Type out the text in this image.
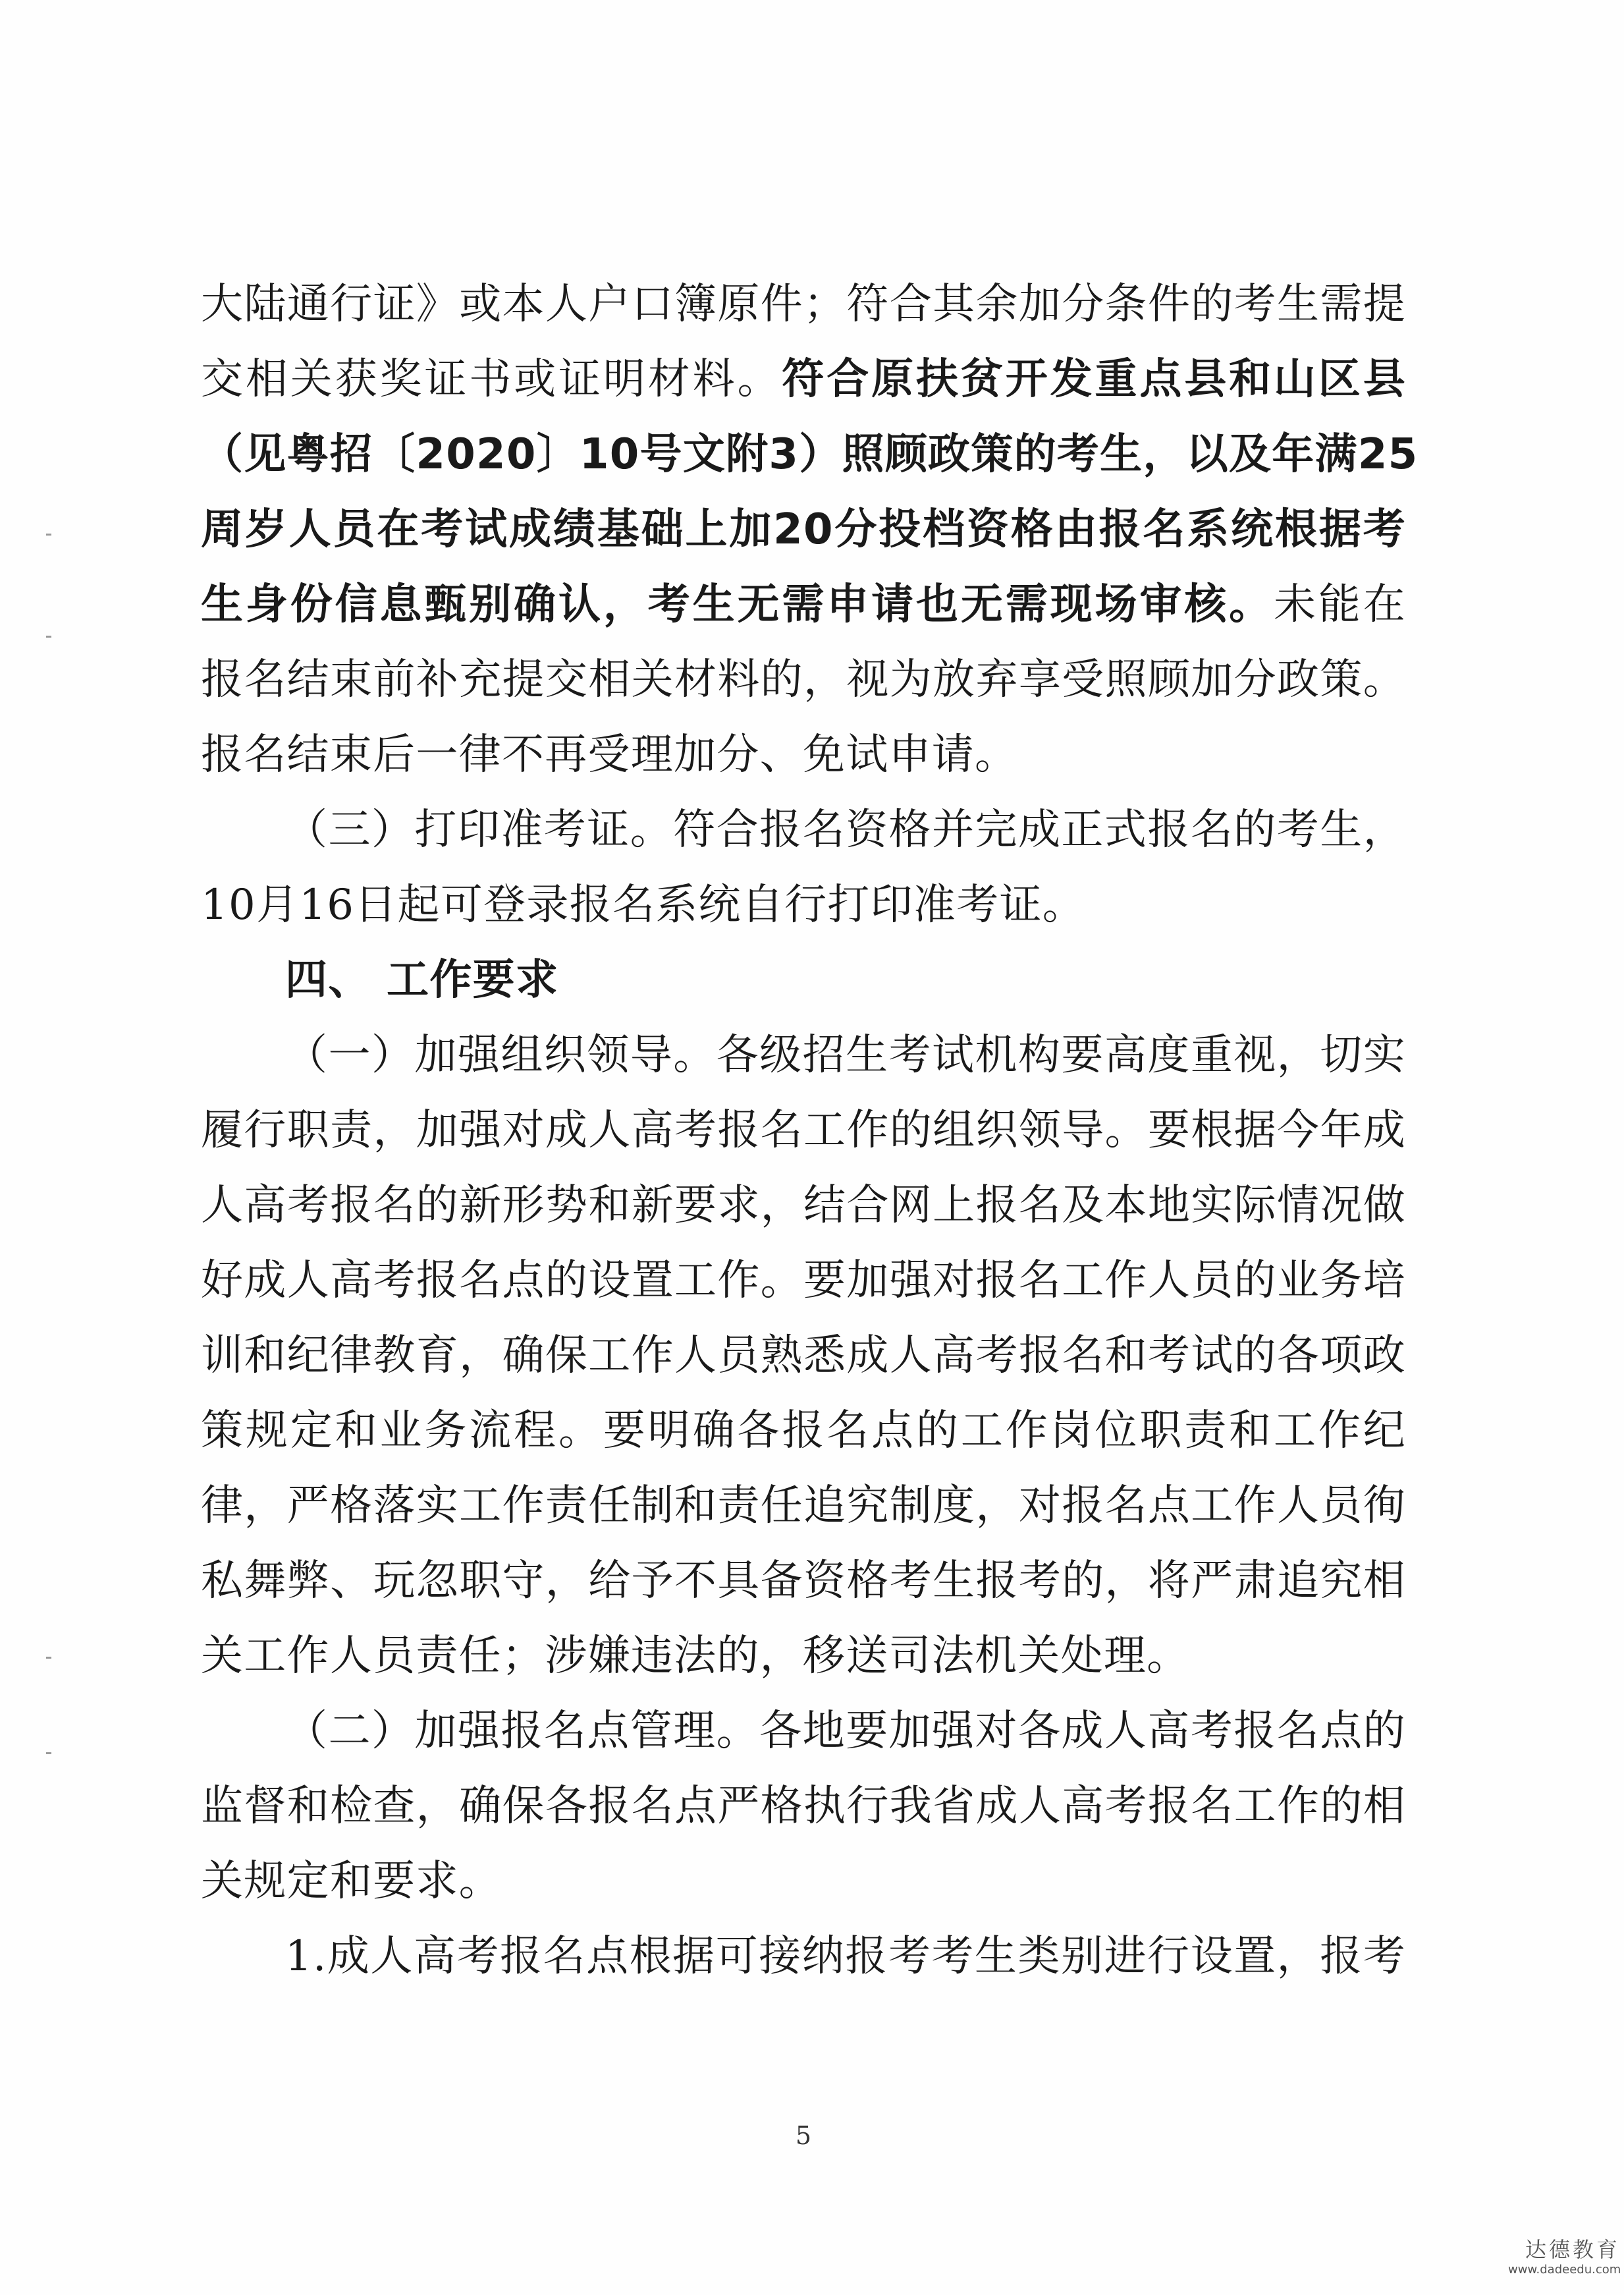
大陆通行证》或本人户口簿原件；符合其余加分条件的考生需提
交相关获奖证书或证明材料。符合原扶贫开发重点县和山区县
（见粤招〔2020〕10号文附3）照顾政策的考生，以及年满25
周岁人员在考试成绩基础上加20分投档资格由报名系统根据考
生身份信息甄别确认，考生无需申请也无需现场审核。未能在
报名结束前补充提交相关材料的，视为放弃享受照顾加分政策。
报名结束后一律不再受理加分、免试申请。
（三）打印准考证。符合报名资格并完成正式报名的考生，
10月16日起可登录报名系统自行打印准考证。
四、 工作要求
（一）加强组织领导。各级招生考试机构要高度重视，切实
履行职责，加强对成人高考报名工作的组织领导。要根据今年成
人高考报名的新形势和新要求，结合网上报名及本地实际情况做
好成人高考报名点的设置工作。要加强对报名工作人员的业务培
训和纪律教育，确保工作人员熟悉成人高考报名和考试的各项政
策规定和业务流程。要明确各报名点的工作岗位职责和工作纪
律，严格落实工作责任制和责任追究制度，对报名点工作人员徇
私舞弊、玩忽职守，给予不具备资格考生报考的，将严肃追究相
关工作人员责任；涉嫌违法的，移送司法机关处理。
（二）加强报名点管理。各地要加强对各成人高考报名点的
监督和检查，确保各报名点严格执行我省成人高考报名工作的相
关规定和要求。
1.成人高考报名点根据可接纳报考考生类别进行设置，报考
5
达德教育
www.dadeedu.com
